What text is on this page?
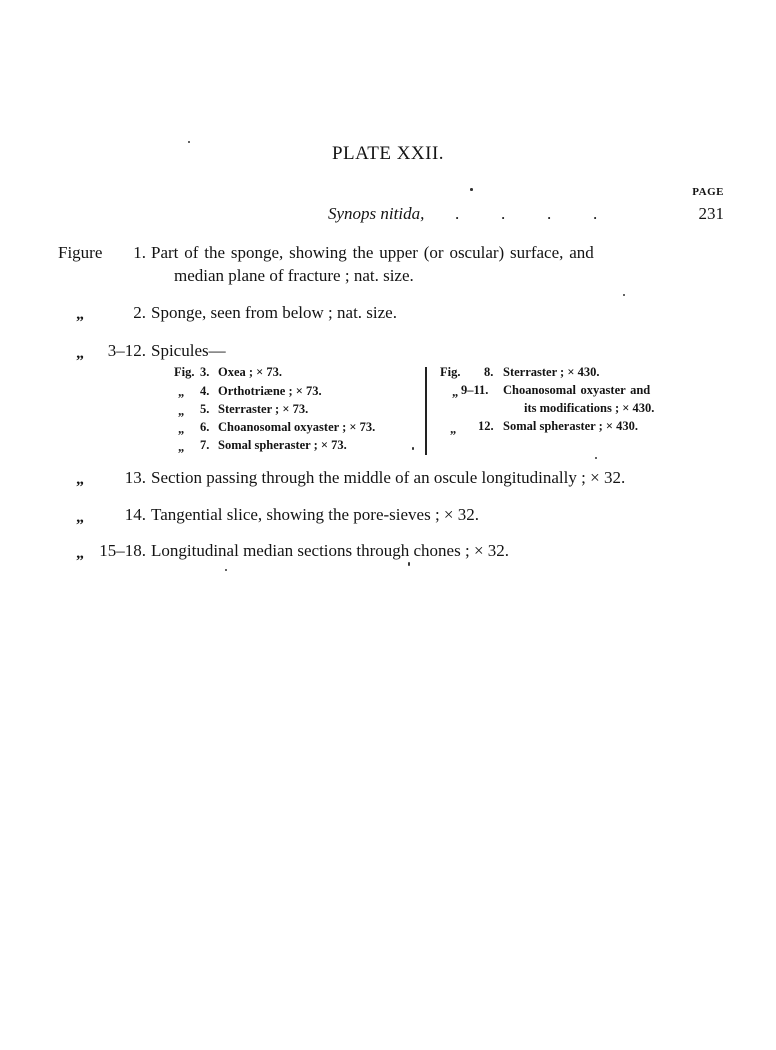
PLATE XXII.
PAGE
Synops nitida, . . . .	231
Figure	1. Part of the sponge, showing the upper (or oscular) surface, and
median plane of fracture ; nat. size.
„	2. Sponge, seen from below ; nat. size.
„	3–12. Spicules—
Fig. 3. Oxea ; × 73.
„ 4. Orthotriæne ; × 73.
„ 5. Sterraster ; × 73.
„ 6. Choanosomal oxyaster ; × 73.
„ 7. Somal spheraster ; × 73.
Fig. 8. Sterraster ; × 430.
„ 9–11. Choanosomal oxyaster and
its modifications ; × 430.
„ 12. Somal spheraster ; × 430.
„	13. Section passing through the middle of an oscule longitudinally ; × 32.
„	14. Tangential slice, showing the pore-sieves ; × 32.
„ 15–18. Longitudinal median sections through chones ; × 32.
